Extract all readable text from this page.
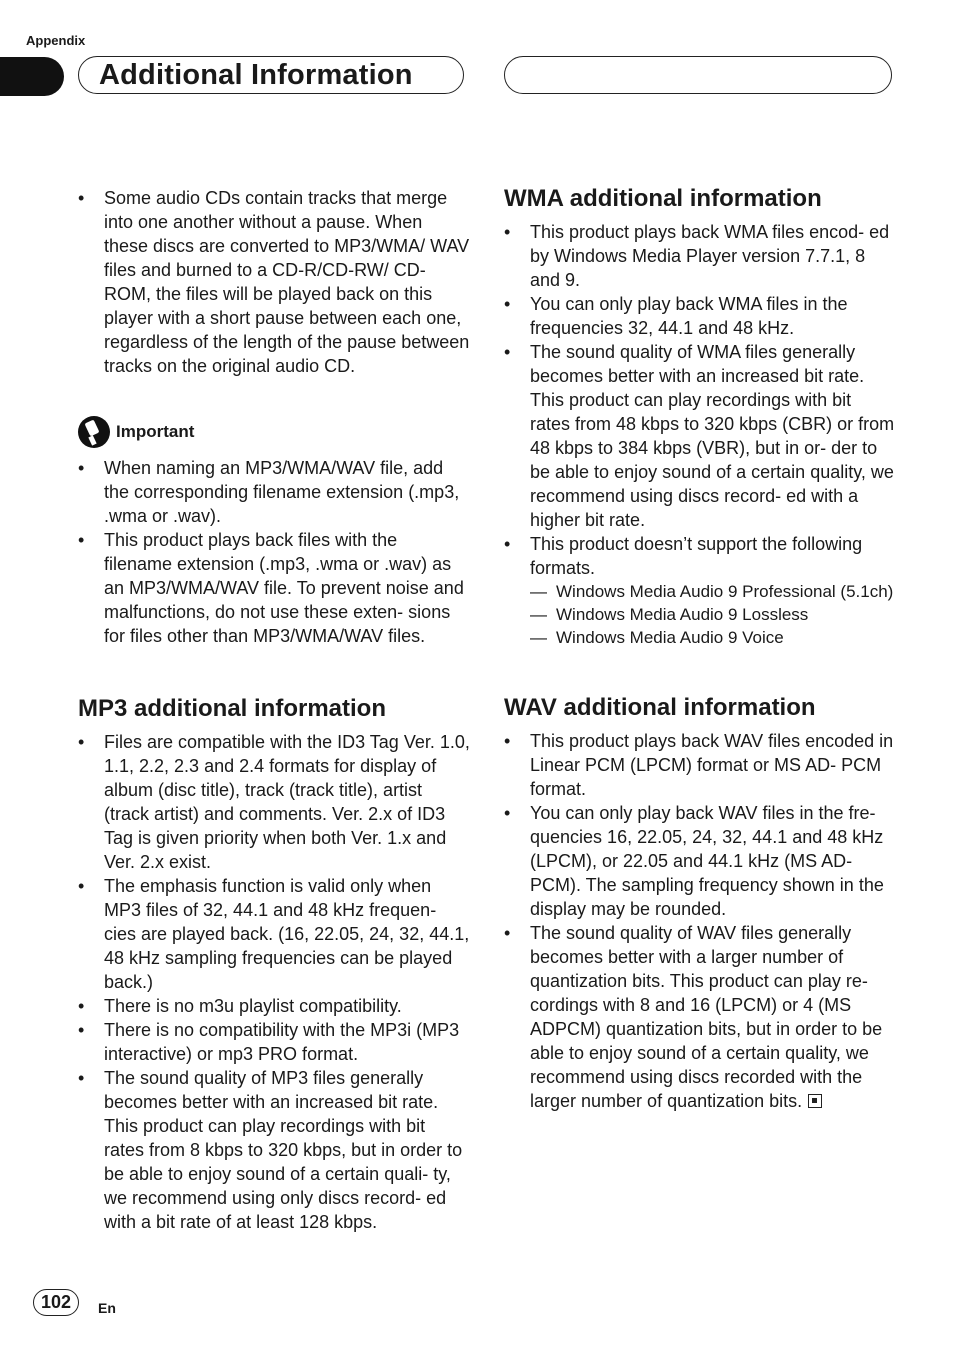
Appendix
Additional Information
• Some audio CDs contain tracks that merge into one another without a pause. When these discs are converted to MP3/WMA/ WAV files and burned to a CD-R/CD-RW/ CD-ROM, the files will be played back on this player with a short pause between each one, regardless of the length of the pause between tracks on the original audio CD.
Important
• When naming an MP3/WMA/WAV file, add the corresponding filename extension (.mp3, .wma or .wav).
• This product plays back files with the filename extension (.mp3, .wma or .wav) as an MP3/WMA/WAV file. To prevent noise and malfunctions, do not use these exten- sions for files other than MP3/WMA/WAV files.
MP3 additional information
• Files are compatible with the ID3 Tag Ver. 1.0, 1.1, 2.2, 2.3 and 2.4 formats for display of album (disc title), track (track title), artist (track artist) and comments. Ver. 2.x of ID3 Tag is given priority when both Ver. 1.x and Ver. 2.x exist.
• The emphasis function is valid only when MP3 files of 32, 44.1 and 48 kHz frequen- cies are played back. (16, 22.05, 24, 32, 44.1, 48 kHz sampling frequencies can be played back.)
• There is no m3u playlist compatibility.
• There is no compatibility with the MP3i (MP3 interactive) or mp3 PRO format.
• The sound quality of MP3 files generally becomes better with an increased bit rate. This product can play recordings with bit rates from 8 kbps to 320 kbps, but in order to be able to enjoy sound of a certain quali- ty, we recommend using only discs record- ed with a bit rate of at least 128 kbps.
WMA additional information
• This product plays back WMA files encod- ed by Windows Media Player version 7.7.1, 8 and 9.
• You can only play back WMA files in the frequencies 32, 44.1 and 48 kHz.
• The sound quality of WMA files generally becomes better with an increased bit rate. This product can play recordings with bit rates from 48 kbps to 320 kbps (CBR) or from 48 kbps to 384 kbps (VBR), but in or- der to be able to enjoy sound of a certain quality, we recommend using discs record- ed with a higher bit rate.
• This product doesn’t support the following formats.
— Windows Media Audio 9 Professional (5.1ch)
— Windows Media Audio 9 Lossless
— Windows Media Audio 9 Voice
WAV additional information
• This product plays back WAV files encoded in Linear PCM (LPCM) format or MS AD- PCM format.
• You can only play back WAV files in the fre- quencies 16, 22.05, 24, 32, 44.1 and 48 kHz (LPCM), or 22.05 and 44.1 kHz (MS AD- PCM). The sampling frequency shown in the display may be rounded.
• The sound quality of WAV files generally becomes better with a larger number of quantization bits. This product can play re- cordings with 8 and 16 (LPCM) or 4 (MS ADPCM) quantization bits, but in order to be able to enjoy sound of a certain quality, we recommend using discs recorded with the larger number of quantization bits.
102	En
